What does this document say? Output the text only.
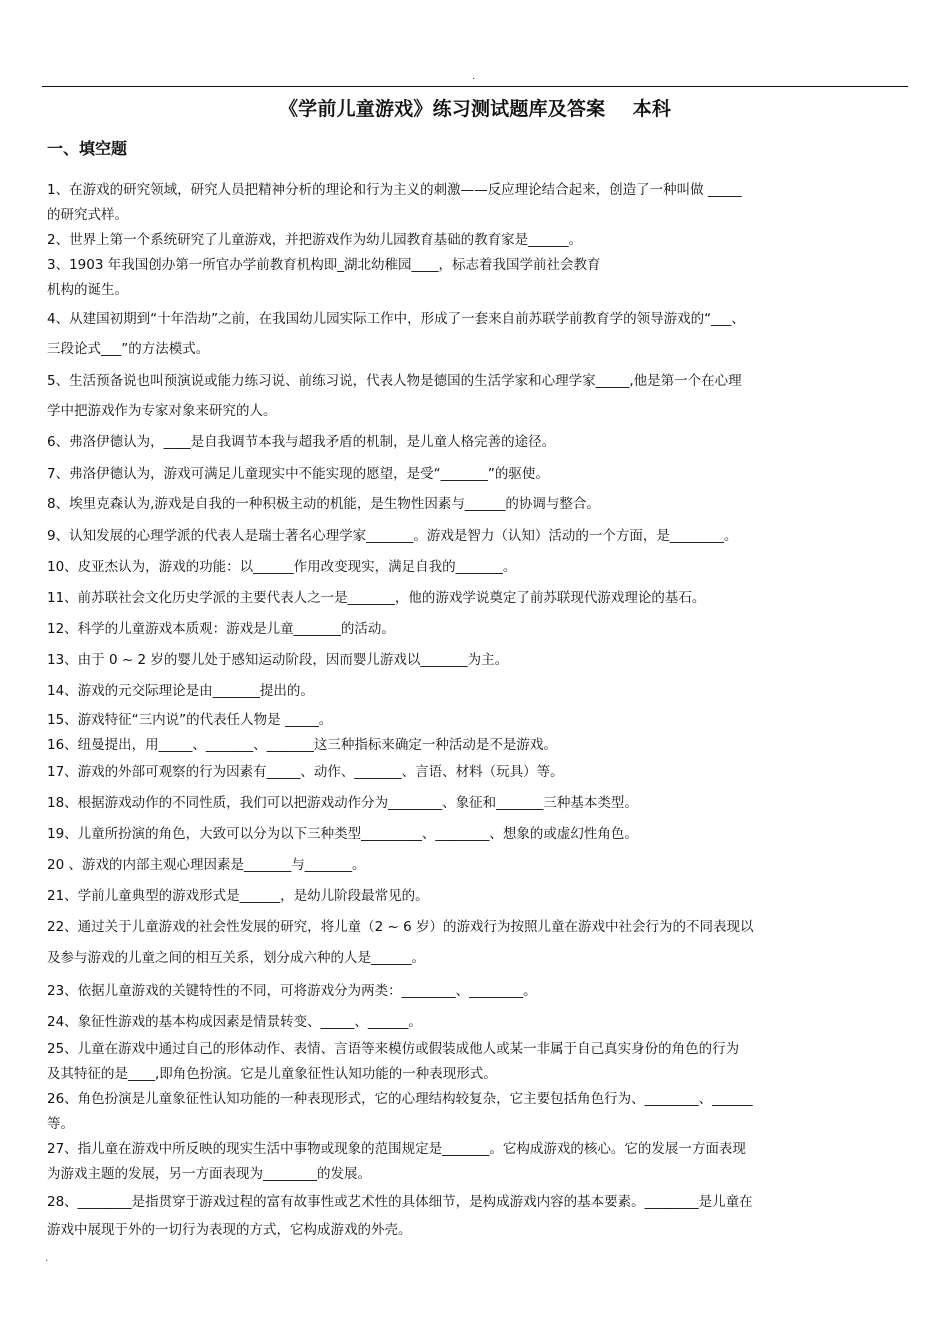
.
《学前儿童游戏》练习测试题库及答案    本科
一、填空题
1、在游戏的研究领域，研究人员把精神分析的理论和行为主义的刺激——反应理论结合起来，创造了一种叫做 _____
的研究式样。
2、世界上第一个系统研究了儿童游戏，并把游戏作为幼儿园教育基础的教育家是______。
3、1903 年我国创办第一所官办学前教育机构即_湖北幼稚园____，标志着我国学前社会教育
机构的诞生。
4、从建国初期到“十年浩劫”之前，在我国幼儿园实际工作中，形成了一套来自前苏联学前教育学的领导游戏的“___、
三段论式___”的方法模式。
5、生活预备说也叫预演说或能力练习说、前练习说，代表人物是德国的生活学家和心理学家_____,他是第一个在心理
学中把游戏作为专家对象来研究的人。
6、弗洛伊德认为，____是自我调节本我与超我矛盾的机制，是儿童人格完善的途径。
7、弗洛伊德认为，游戏可满足儿童现实中不能实现的愿望，是受“_______”的驱使。
8、埃里克森认为,游戏是自我的一种积极主动的机能，是生物性因素与______的协调与整合。
9、认知发展的心理学派的代表人是瑞士著名心理学家_______。游戏是智力（认知）活动的一个方面，是________。
10、皮亚杰认为，游戏的功能：以______作用改变现实，满足自我的_______。
11、前苏联社会文化历史学派的主要代表人之一是_______，他的游戏学说奠定了前苏联现代游戏理论的基石。
12、科学的儿童游戏本质观：游戏是儿童_______的活动。
13、由于 0 ~ 2 岁的婴儿处于感知运动阶段，因而婴儿游戏以_______为主。
14、游戏的元交际理论是由_______提出的。
15、游戏特征“三内说”的代表任人物是 _____。
16、纽曼提出，用_____、_______、_______这三种指标来确定一种活动是不是游戏。
17、游戏的外部可观察的行为因素有_____、动作、_______、言语、材料（玩具）等。
18、根据游戏动作的不同性质，我们可以把游戏动作分为________、象征和_______三种基本类型。
19、儿童所扮演的角色，大致可以分为以下三种类型_________、________、想象的或虚幻性角色。
20 、游戏的内部主观心理因素是_______与_______。
21、学前儿童典型的游戏形式是______，是幼儿阶段最常见的。
22、通过关于儿童游戏的社会性发展的研究，将儿童（2 ~ 6 岁）的游戏行为按照儿童在游戏中社会行为的不同表现以
及参与游戏的儿童之间的相互关系，划分成六种的人是______。
23、依据儿童游戏的关键特性的不同，可将游戏分为两类：________、________。
24、象征性游戏的基本构成因素是情景转变、_____、______。
25、儿童在游戏中通过自己的形体动作、表情、言语等来模仿或假装成他人或某一非属于自己真实身份的角色的行为
及其特征的是____,即角色扮演。它是儿童象征性认知功能的一种表现形式。
26、角色扮演是儿童象征性认知功能的一种表现形式，它的心理结构较复杂，它主要包括角色行为、________、______
等。
27、指儿童在游戏中所反映的现实生活中事物或现象的范围规定是_______。它构成游戏的核心。它的发展一方面表现
为游戏主题的发展，另一方面表现为________的发展。
28、________是指贯穿于游戏过程的富有故事性或艺术性的具体细节，是构成游戏内容的基本要素。________是儿童在
游戏中展现于外的一切行为表现的方式，它构成游戏的外壳。
.
